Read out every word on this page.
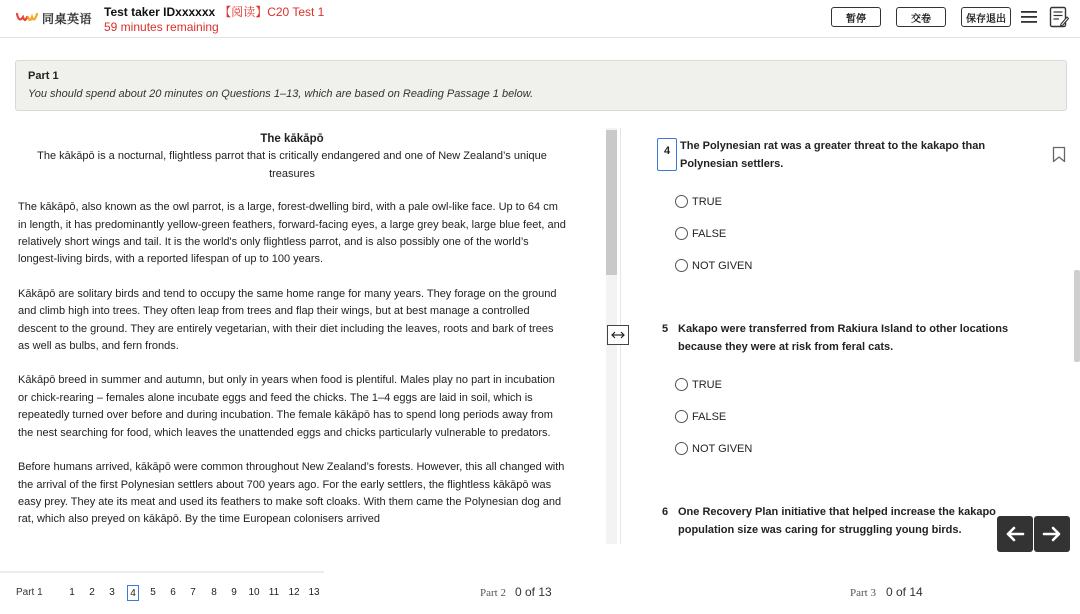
同桌英语 Test taker IDxxxxxx 【阅读】C20 Test 1
59 minutes remaining
暂停	交卷	保存退出
Part 1
You should spend about 20 minutes on Questions 1–13, which are based on Reading Passage 1 below.
The kākāpō
The kākāpō is a nocturnal, flightless parrot that is critically endangered and one of New Zealand’s unique treasures

The kākāpō, also known as the owl parrot, is a large, forest-dwelling bird, with a pale owl-like face. Up to 64 cm in length, it has predominantly yellow-green feathers, forward-facing eyes, a large grey beak, large blue feet, and relatively short wings and tail. It is the world's only flightless parrot, and is also possibly one of the world’s longest-living birds, with a reported lifespan of up to 100 years.

Kākāpō are solitary birds and tend to occupy the same home range for many years. They forage on the ground and climb high into trees. They often leap from trees and flap their wings, but at best manage a controlled descent to the ground. They are entirely vegetarian, with their diet including the leaves, roots and bark of trees as well as bulbs, and fern fronds.

Kākāpō breed in summer and autumn, but only in years when food is plentiful. Males play no part in incubation or chick-rearing – females alone incubate eggs and feed the chicks. The 1–4 eggs are laid in soil, which is repeatedly turned over before and during incubation. The female kākāpō has to spend long periods away from the nest searching for food, which leaves the unattended eggs and chicks particularly vulnerable to predators.

Before humans arrived, kākāpō were common throughout New Zealand’s forests. However, this all changed with the arrival of the first Polynesian settlers about 700 years ago. For the early settlers, the flightless kākāpō was easy prey. They ate its meat and used its feathers to make soft cloaks. With them came the Polynesian dog and rat, which also preyed on kākāpō. By the time European colonisers arrived

4 The Polynesian rat was a greater threat to the kakapo than Polynesian settlers.
TRUE
FALSE
NOT GIVEN
5 Kakapo were transferred from Rakiura Island to other locations because they were at risk from feral cats.
TRUE
FALSE
NOT GIVEN
6 One Recovery Plan initiative that helped increase the kakapo population size was caring for struggling young birds.
Part 1	1	2	3	4	5	6	7	8	9	10 11 12 13	Part 2 0 of 13	Part 3 0 of 14
